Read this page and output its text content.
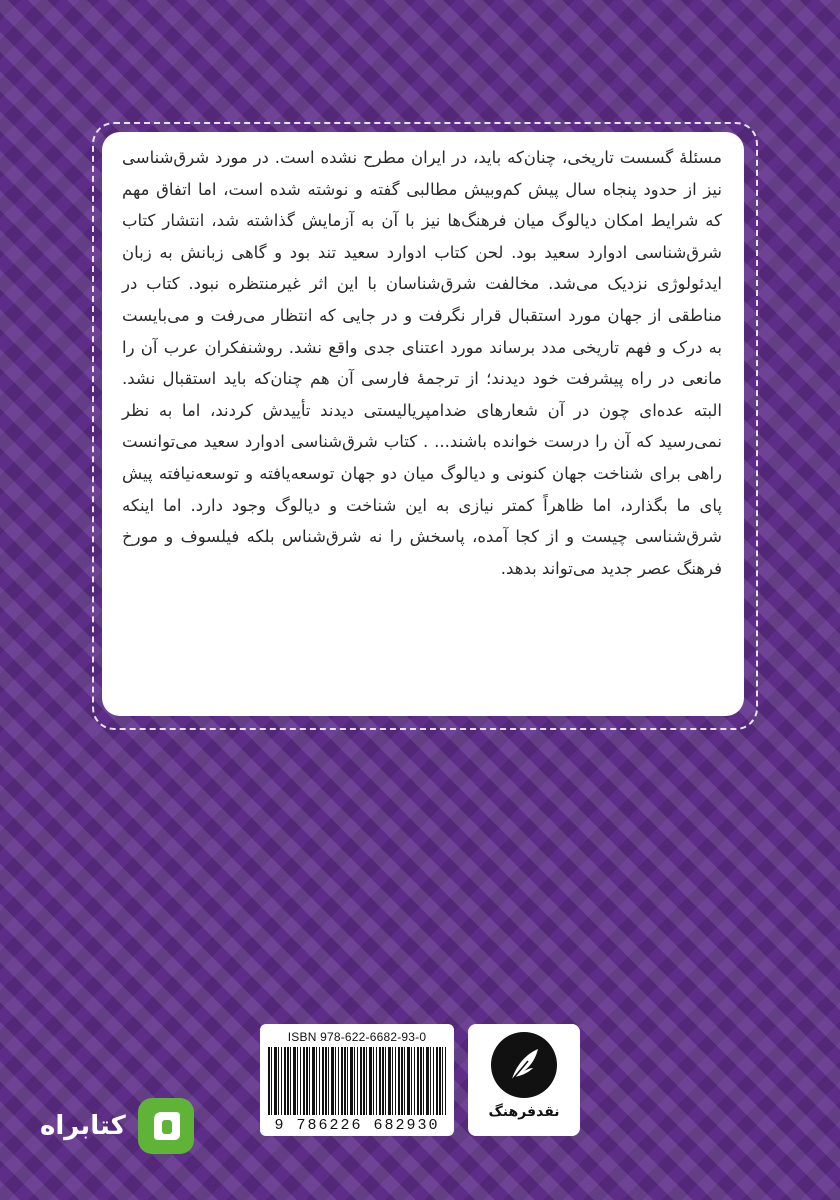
مسئلهٔ گسست تاریخی، چنان‌که باید، در ایران مطرح نشده است. در مورد شرق‌شناسی نیز از حدود پنجاه سال پیش کم‌وبیش مطالبی گفته و نوشته شده است، اما اتفاق مهم که شرایط امکان دیالوگ میان فرهنگ‌ها نیز با آن به آزمایش گذاشته شد، انتشار کتاب شرق‌شناسی ادوارد سعید بود. لحن کتاب ادوارد سعید تند بود و گاهی زبانش به زبان ایدئولوژی نزدیک می‌شد. مخالفت شرق‌شناسان با این اثر غیرمنتظره نبود. کتاب در مناطقی از جهان مورد استقبال قرار نگرفت و در جایی که انتظار می‌رفت و می‌بایست به درک و فهم تاریخی مدد برساند مورد اعتنای جدی واقع نشد. روشنفکران عرب آن را مانعی در راه پیشرفت خود دیدند؛ از ترجمهٔ فارسی آن هم چنان‌که باید استقبال نشد. البته عده‌ای چون در آن شعارهای ضدامپریالیستی دیدند تأییدش کردند، اما به نظر نمی‌رسید که آن را درست خوانده باشند... . کتاب شرق‌شناسی ادوارد سعید می‌توانست راهی برای شناخت جهان کنونی و دیالوگ میان دو جهان توسعه‌یافته و توسعه‌نیافته پیش پای ما بگذارد، اما ظاهراً کمتر نیازی به این شناخت و دیالوگ وجود دارد. اما اینکه شرق‌شناسی چیست و از کجا آمده، پاسخش را نه شرق‌شناس بلکه فیلسوف و مورخ فرهنگ عصر جدید می‌تواند بدهد.

ISBN 978-622-6682-93-0
9 786226 682930
نقدفرهنگ
کتابراه
